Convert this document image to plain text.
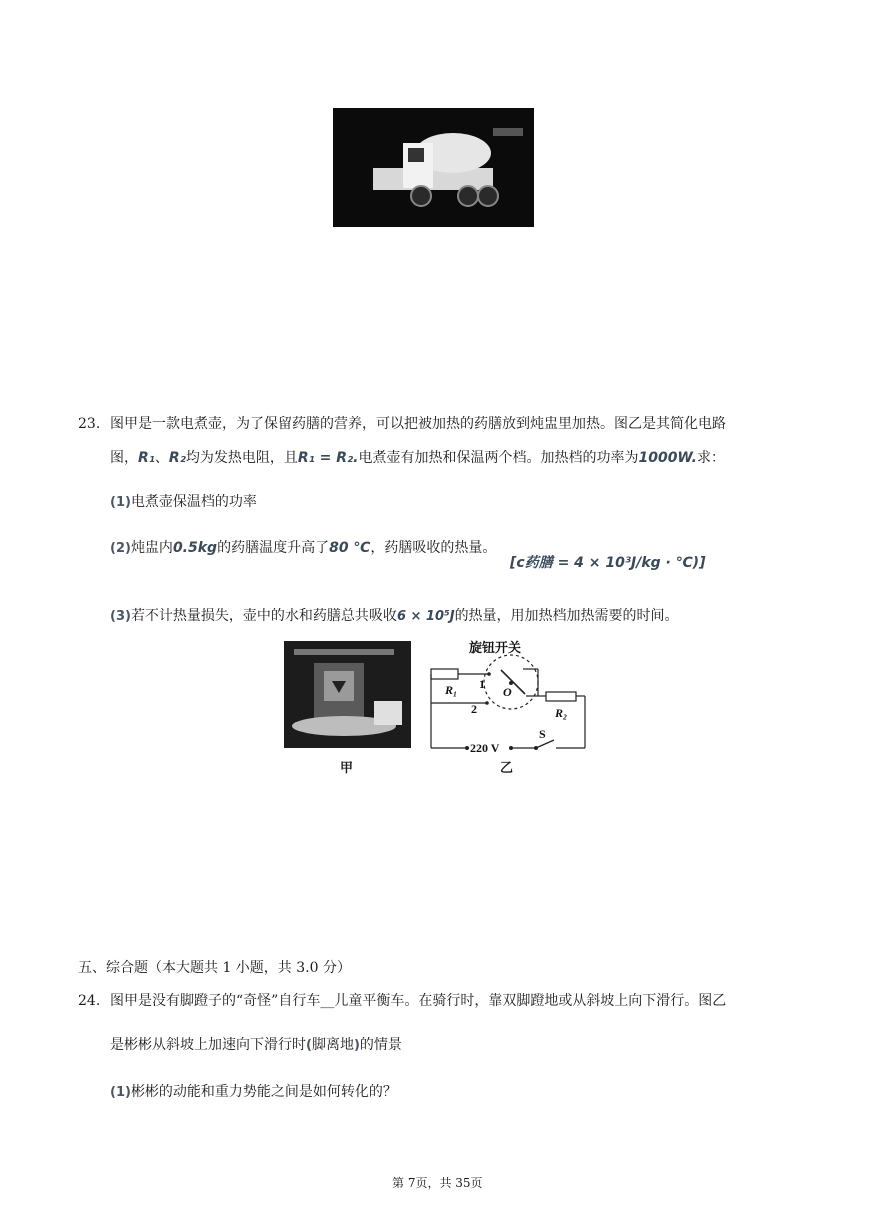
23. 图甲是一款电煮壶，为了保留药膳的营养，可以把被加热的药膳放到炖盅里加热。图乙是其简化电路
图，R₁、R₂均为发热电阻，且R₁ = R₂.电煮壶有加热和保温两个档。加热档的功率为1000W.求：
(1)电煮壶保温档的功率
(2)炖盅内0.5kg的药膳温度升高了80 ℃，药膳吸收的热量。
[c药膳 = 4 × 10³J/kg · ℃)]
(3)若不计热量损失，壶中的水和药膳总共吸收6 × 10⁵J的热量，用加热档加热需要的时间。
旋钮开关
R₁ 1
2
O
R₂
220 V
S
甲	乙
五、综合题（本大题共 1 小题，共 3.0 分）
24. 图甲是没有脚蹬子的“奇怪”自行车__儿童平衡车。在骑行时，靠双脚蹬地或从斜坡上向下滑行。图乙
是彬彬从斜坡上加速向下滑行时(脚离地)的情景
(1)彬彬的动能和重力势能之间是如何转化的？
第 7页，共 35页
